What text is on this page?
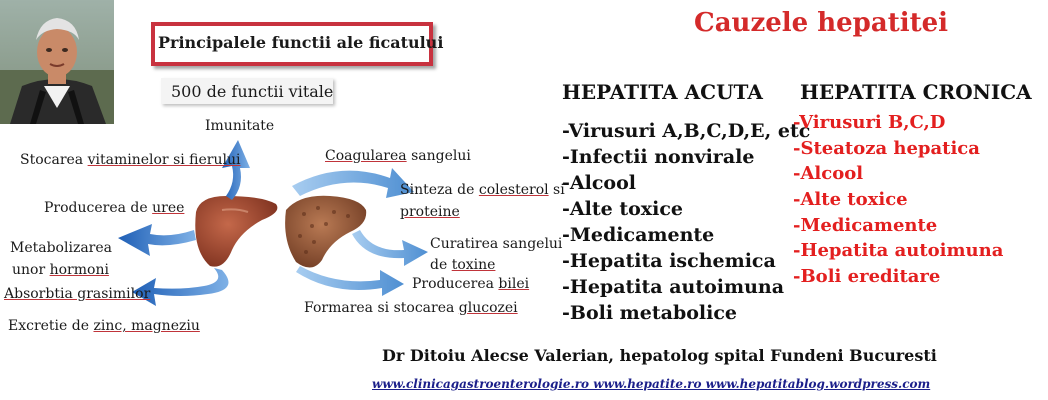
Principalele functii ale ficatului
500 de functii vitale
Imunitate
Stocarea vitaminelor si fierului
Producerea de uree
Metabolizarea
unor hormoni
Absorbtia grasimilor
Excretie de zinc, magneziu
Coagularea sangelui
Sinteza de colesterol si
proteine
Curatirea sangelui
de toxine
Producerea bilei
Formarea si stocarea glucozei
Cauzele hepatitei
HEPATITA ACUTA HEPATITA CRONICA
-Virusuri A,B,C,D,E, etc
-Infectii nonvirale
-Alcool
-Alte toxice
-Medicamente
-Hepatita ischemica
-Hepatita autoimuna
-Boli metabolice
-Virusuri B,C,D
-Steatoza hepatica
-Alcool
-Alte toxice
-Medicamente
-Hepatita autoimuna
-Boli ereditare
Dr Ditoiu Alecse Valerian, hepatolog spital Fundeni Bucuresti
www.clinicagastroenterologie.ro www.hepatite.ro www.hepatitablog.wordpress.com
